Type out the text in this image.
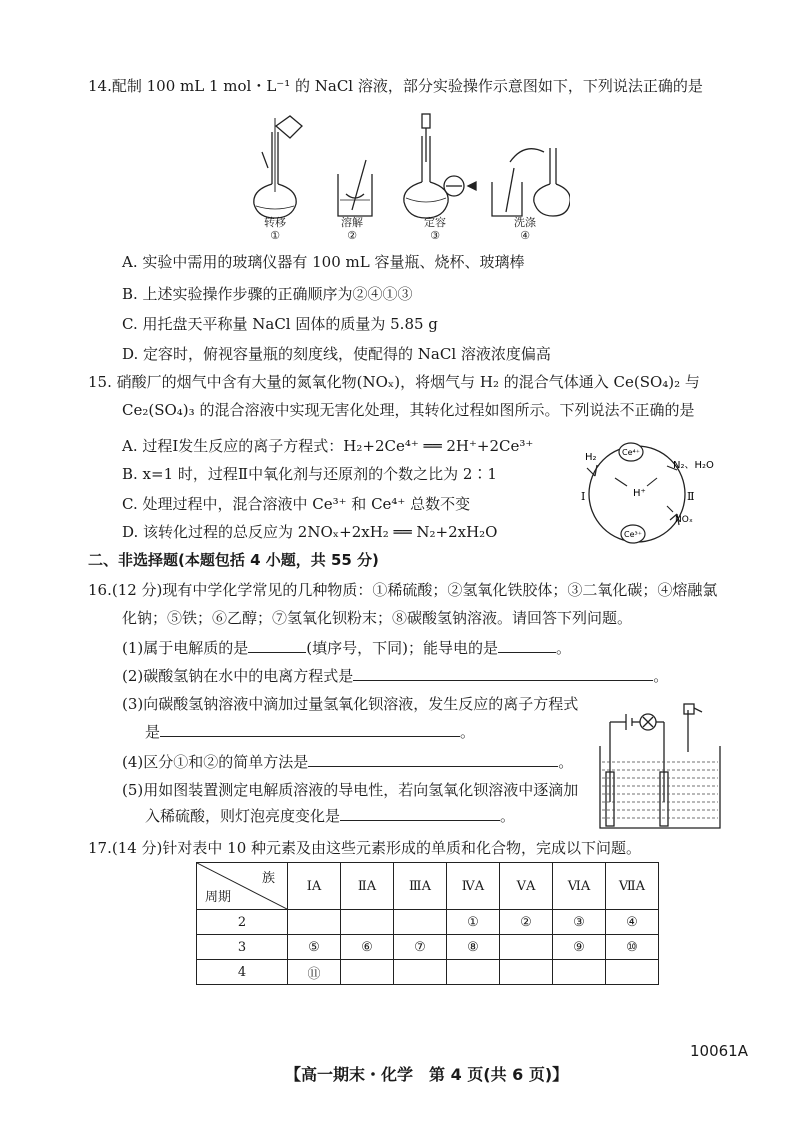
14.配制 100 mL 1 mol・L⁻¹ 的 NaCl 溶液，部分实验操作示意图如下，下列说法正确的是
转移
①
溶解
②
定容
③
洗涤
④
A. 实验中需用的玻璃仪器有 100 mL 容量瓶、烧杯、玻璃棒
B. 上述实验操作步骤的正确顺序为②④①③
C. 用托盘天平称量 NaCl 固体的质量为 5.85 g
D. 定容时，俯视容量瓶的刻度线，使配得的 NaCl 溶液浓度偏高
15. 硝酸厂的烟气中含有大量的氮氧化物(NOₓ)，将烟气与 H₂ 的混合气体通入 Ce(SO₄)₂ 与
Ce₂(SO₄)₃ 的混合溶液中实现无害化处理，其转化过程如图所示。下列说法不正确的是
A. 过程Ⅰ发生反应的离子方程式：H₂+2Ce⁴⁺ ══ 2H⁺+2Ce³⁺
B. x=1 时，过程Ⅱ中氧化剂与还原剂的个数之比为 2∶1
C. 处理过程中，混合溶液中 Ce³⁺ 和 Ce⁴⁺ 总数不变
D. 该转化过程的总反应为 2NOₓ+2xH₂ ══ N₂+2xH₂O
Ce⁴⁺
Ce³⁺
H₂
H⁺
N₂、H₂O
NOₓ
Ⅰ	Ⅱ
二、非选择题(本题包括 4 小题，共 55 分)
16.(12 分)现有中学化学常见的几种物质：①稀硫酸；②氢氧化铁胶体；③二氧化碳；④熔融氯
化钠；⑤铁；⑥乙醇；⑦氢氧化钡粉末；⑧碳酸氢钠溶液。请回答下列问题。
(1)属于电解质的是	(填序号，下同)；能导电的是	。
(2)碳酸氢钠在水中的电离方程式是	。
(3)向碳酸氢钠溶液中滴加过量氢氧化钡溶液，发生反应的离子方程式
是	。
(4)区分①和②的简单方法是	。
(5)用如图装置测定电解质溶液的导电性，若向氢氧化钡溶液中逐滴加
入稀硫酸，则灯泡亮度变化是	。
17.(14 分)针对表中 10 种元素及由这些元素形成的单质和化合物，完成以下问题。
族
周期	ⅠA	ⅡA	ⅢA	ⅣA	ⅤA	ⅥA	ⅦA
2				①	②	③	④
3	⑤	⑥	⑦	⑧		⑨	⑩
4	⑪						
10061A
【高一期末・化学　第 4 页(共 6 页)】
